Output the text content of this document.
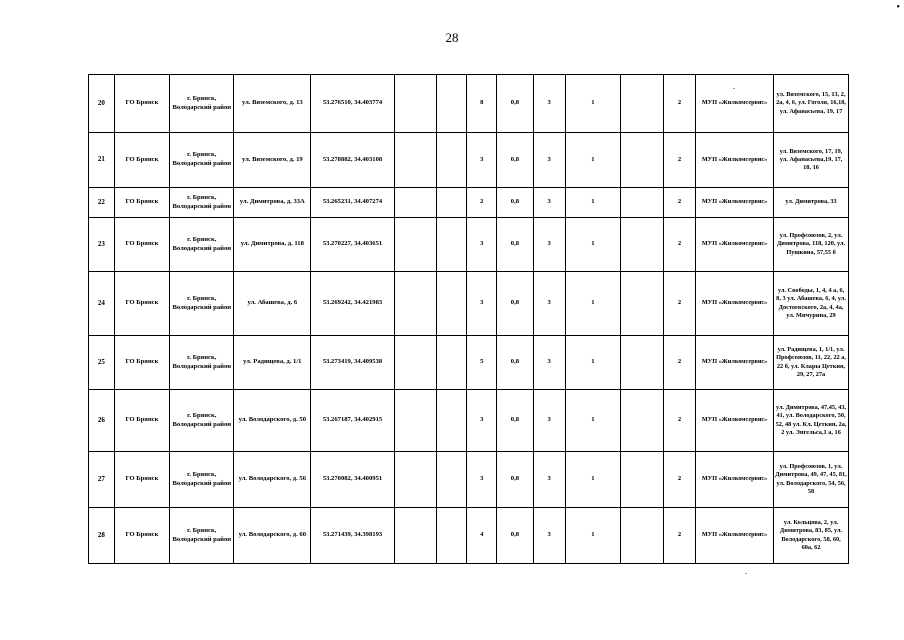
•
28
20	ГО Брянск	г. Брянск, Володарский район	ул. Вяземского, д. 13	53.276510, 34.403774			8	0,8	3	1		2	МУП «Жилкомсервис»	ул. Вяземского, 15, 13, 2, 2а, 4, 6, ул. Гоголя, 16,18, ул. Афанасьева, 19, 17
21	ГО Брянск	г. Брянск, Володарский район	ул. Вяземского, д. 19	53.278882, 34.403108			3	0,8	3	1		2	МУП «Жилкомсервис»	ул. Вяземского, 17, 19, ул. Афанасьева,19, 17, 18, 16
22	ГО Брянск	г. Брянск, Володарский район	ул. Димитрова, д. 33А	53.265231, 34.407274			2	0,8	3	1		2	МУП «Жилкомсервис»	ул. Димитрова, 33
23	ГО Брянск	г. Брянск, Володарский район	ул. Димитрова, д. 118	53.270227, 34.403651			3	0,8	3	1		2	МУП «Жилкомсервис»	ул. Профсоюзов, 2, ул. Димитрова, 118, 120, ул. Пушкина, 57,55 б
24	ГО Брянск	г. Брянск, Володарский район	ул. Абашева, д. 6	53.269242, 34.421983			3	0,8	3	1		2	МУП «Жилкомсервис»	ул. Свободы, 1, 4, 4 а, 6, 8, 3 ул. Абашева, 6, 4, ул. Достоевского, 2а, 4, 4а, ул. Мичурина, 29
25	ГО Брянск	г. Брянск, Володарский район	ул. Радищева, д. 1/1	53.273419, 34.409538			5	0,8	3	1		2	МУП «Жилкомсервис»	ул. Радищева, 1, 1/1, ул. Профсоюзов, 11, 22, 22 а, 22 б, ул. Клары Цеткин, 29, 27, 27а
26	ГО Брянск	г. Брянск, Володарский район	ул. Володарского, д. 50	53.267187, 34.402915			3	0,8	3	1		2	МУП «Жилкомсервис»	ул. Димитрова, 47,45, 43, 41, ул. Володарского, 50, 52, 48 ул. Кл. Цеткин, 2а, 2 ул. Энгельса,1 а, 16
27	ГО Брянск	г. Брянск, Володарский район	ул. Володарского, д. 56	53.270082, 34.400951			3	0,8	3	1		2	МУП «Жилкомсервис»	ул. Профсоюзов, 1, ул. Димитрова, 49, 47, 45, 81, ул. Володарского, 54, 56, 58
28	ГО Брянск	г. Брянск, Володарский район	ул. Володарского, д. 60	53.271439, 34.398193			4	0,8	3	1		2	МУП «Жилкомсервис»	ул. Кольцова, 2, ул. Димитрова, 83, 85, ул. Володарского, 58, 60, 60а, 62
